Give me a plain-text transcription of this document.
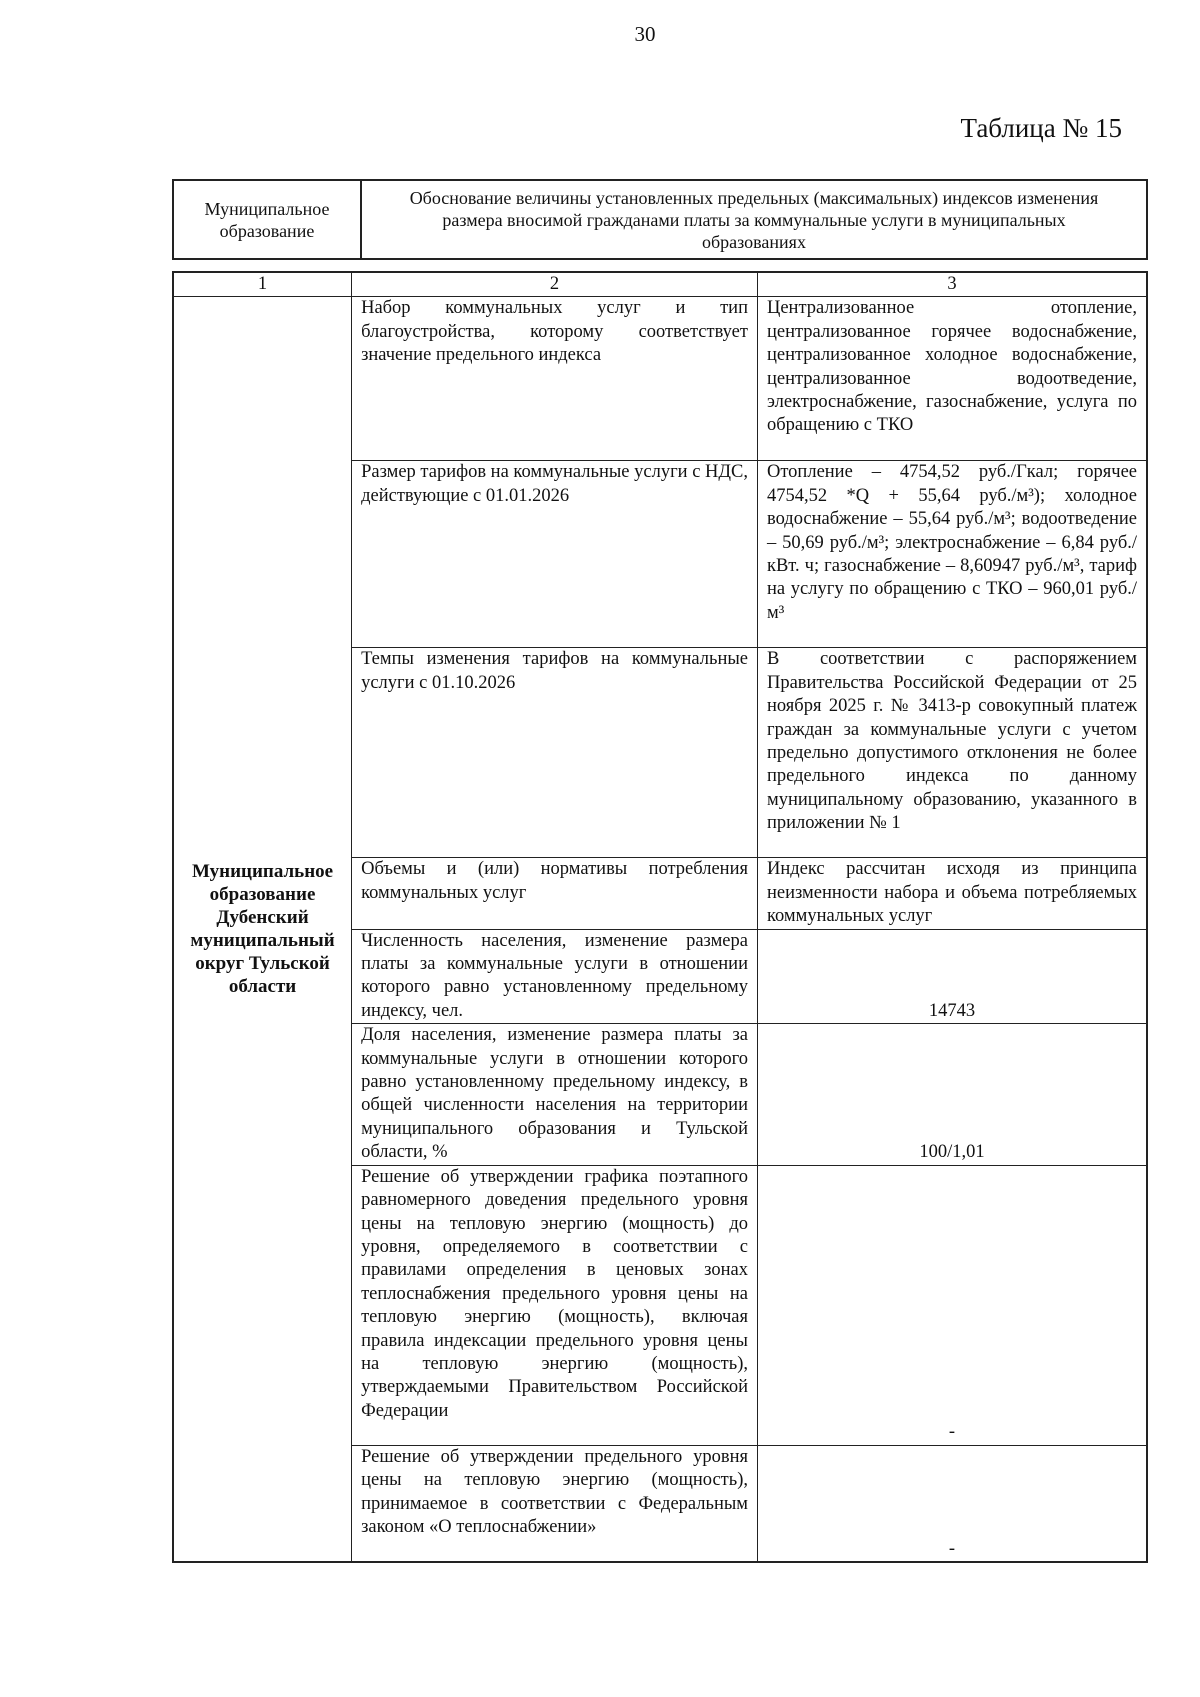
30
Таблица № 15
Муниципальное образование	Обоснование величины установленных предельных (максимальных) индексов изменения размера вносимой гражданами платы за коммунальные услуги в муниципальных образованиях
1	2	3
Муниципальное образование Дубенский муниципальный округ Тульской области	Набор коммунальных услуг и тип благоустройства, которому соответствует значение предельного индекса	Централизованное отопление, централизованное горячее водоснабжение, централизованное холодное водоснабжение, централизованное водоотведение, электроснабжение, газоснабжение, услуга по обращению с ТКО
	Размер тарифов на коммунальные услуги с НДС, действующие с 01.01.2026	Отопление – 4754,52 руб./Гкал; горячее 4754,52 *Q + 55,64 руб./м³); холодное водоснабжение – 55,64 руб./м³; водоотведение – 50,69 руб./м³; электроснабжение – 6,84 руб./кВт. ч; газоснабжение – 8,60947 руб./м³, тариф на услугу по обращению с ТКО – 960,01 руб./м³
	Темпы изменения тарифов на коммунальные услуги с 01.10.2026	В соответствии с распоряжением Правительства Российской Федерации от 25 ноября 2025 г. № 3413-р совокупный платеж граждан за коммунальные услуги с учетом предельно допустимого отклонения не более предельного индекса по данному муниципальному образованию, указанного в приложении № 1
	Объемы и (или) нормативы потребления коммунальных услуг	Индекс рассчитан исходя из принципа неизменности набора и объема потребляемых коммунальных услуг
	Численность населения, изменение размера платы за коммунальные услуги в отношении которого равно установленному предельному индексу, чел.	14743
	Доля населения, изменение размера платы за коммунальные услуги в отношении которого равно установленному предельному индексу, в общей численности населения на территории муниципального образования и Тульской области, %	100/1,01
	Решение об утверждении графика поэтапного равномерного доведения предельного уровня цены на тепловую энергию (мощность) до уровня, определяемого в соответствии с правилами определения в ценовых зонах теплоснабжения предельного уровня цены на тепловую энергию (мощность), включая правила индексации предельного уровня цены на тепловую энергию (мощность), утверждаемыми Правительством Российской Федерации	-
	Решение об утверждении предельного уровня цены на тепловую энергию (мощность), принимаемое в соответствии с Федеральным законом «О теплоснабжении»	-
